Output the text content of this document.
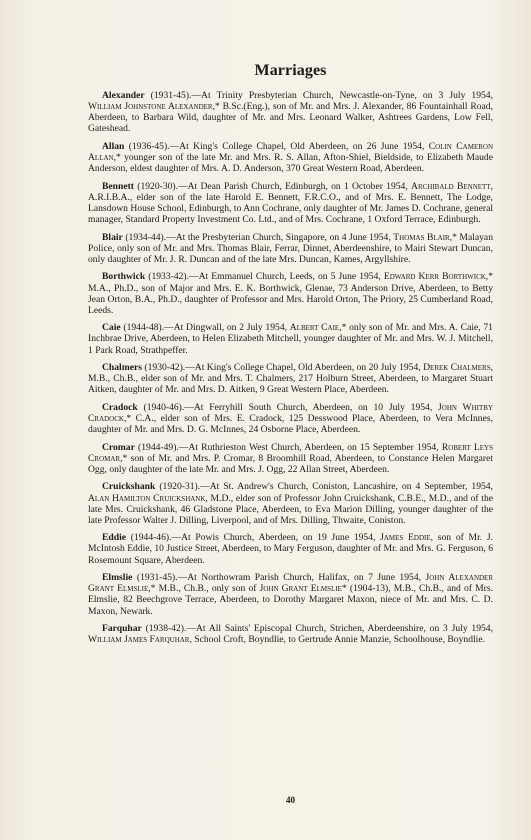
Marriages

Alexander (1931-45).—At Trinity Presbyterian Church, Newcastle-on-Tyne, on 3 July 1954, William Johnstone Alexander,* B.Sc.(Eng.), son of Mr. and Mrs. J. Alexander, 86 Fountainhall Road, Aberdeen, to Barbara Wild, daughter of Mr. and Mrs. Leonard Walker, Ashtrees Gardens, Low Fell, Gateshead.

Allan (1936-45).—At King's College Chapel, Old Aberdeen, on 26 June 1954, Colin Cameron Allan,* younger son of the late Mr. and Mrs. R. S. Allan, Afton-Shiel, Bieldside, to Elizabeth Maude Anderson, eldest daughter of Mrs. A. D. Anderson, 370 Great Western Road, Aberdeen.

Bennett (1920-30).—At Dean Parish Church, Edinburgh, on 1 October 1954, Archibald Bennett, A.R.I.B.A., elder son of the late Harold E. Bennett, F.R.C.O., and of Mrs. E. Bennett, The Lodge, Lansdown House School, Edinburgh, to Ann Cochrane, only daughter of Mr. James D. Cochrane, general manager, Standard Property Investment Co. Ltd., and of Mrs. Cochrane, 1 Oxford Terrace, Edinburgh.

Blair (1934-44).—At the Presbyterian Church, Singapore, on 4 June 1954, Thomas Blair,* Malayan Police, only son of Mr. and Mrs. Thomas Blair, Ferrar, Dinnet, Aberdeenshire, to Mairi Stewart Duncan, only daughter of Mr. J. R. Duncan and of the late Mrs. Duncan, Kames, Argyllshire.

Borthwick (1933-42).—At Emmanuel Church, Leeds, on 5 June 1954, Edward Kerr Borthwick,* M.A., Ph.D., son of Major and Mrs. E. K. Borthwick, Glenae, 73 Anderson Drive, Aberdeen, to Betty Jean Orton, B.A., Ph.D., daughter of Professor and Mrs. Harold Orton, The Priory, 25 Cumberland Road, Leeds.

Caie (1944-48).—At Dingwall, on 2 July 1954, Albert Caie,* only son of Mr. and Mrs. A. Caie, 71 Inchbrae Drive, Aberdeen, to Helen Elizabeth Mitchell, younger daughter of Mr. and Mrs. W. J. Mitchell, 1 Park Road, Strathpeffer.

Chalmers (1930-42).—At King's College Chapel, Old Aberdeen, on 20 July 1954, Derek Chalmers, M.B., Ch.B., elder son of Mr. and Mrs. T. Chalmers, 217 Holburn Street, Aberdeen, to Margaret Stuart Aitken, daughter of Mr. and Mrs. D. Aitken, 9 Great Western Place, Aberdeen.

Cradock (1940-46).—At Ferryhill South Church, Aberdeen, on 10 July 1954, John Whitby Cradock,* C.A., elder son of Mrs. E. Cradock, 125 Desswood Place, Aberdeen, to Vera McInnes, daughter of Mr. and Mrs. D. G. McInnes, 24 Osborne Place, Aberdeen.

Cromar (1944-49).—At Ruthrieston West Church, Aberdeen, on 15 September 1954, Robert Leys Cromar,* son of Mr. and Mrs. P. Cromar, 8 Broomhill Road, Aberdeen, to Constance Helen Margaret Ogg, only daughter of the late Mr. and Mrs. J. Ogg, 22 Allan Street, Aberdeen.

Cruickshank (1920-31).—At St. Andrew's Church, Coniston, Lancashire, on 4 September, 1954, Alan Hamilton Cruickshank, M.D., elder son of Professor John Cruickshank, C.B.E., M.D., and of the late Mrs. Cruickshank, 46 Gladstone Place, Aberdeen, to Eva Marion Dilling, younger daughter of the late Professor Walter J. Dilling, Liverpool, and of Mrs. Dilling, Thwaite, Coniston.

Eddie (1944-46).—At Powis Church, Aberdeen, on 19 June 1954, James Eddie, son of Mr. J. McIntosh Eddie, 10 Justice Street, Aberdeen, to Mary Ferguson, daughter of Mr. and Mrs. G. Ferguson, 6 Rosemount Square, Aberdeen.

Elmslie (1931-45).—At Northowram Parish Church, Halifax, on 7 June 1954, John Alexander Grant Elmslie,* M.B., Ch.B., only son of John Grant Elmslie* (1904-13), M.B., Ch.B., and of Mrs. Elmslie, 82 Beechgrove Terrace, Aberdeen, to Dorothy Margaret Maxon, niece of Mr. and Mrs. C. D. Maxon, Newark.

Farquhar (1938-42).—At All Saints' Episcopal Church, Strichen, Aberdeenshire, on 3 July 1954, William James Farquhar, School Croft, Boyndlie, to Gertrude Annie Manzie, Schoolhouse, Boyndlie.

40
